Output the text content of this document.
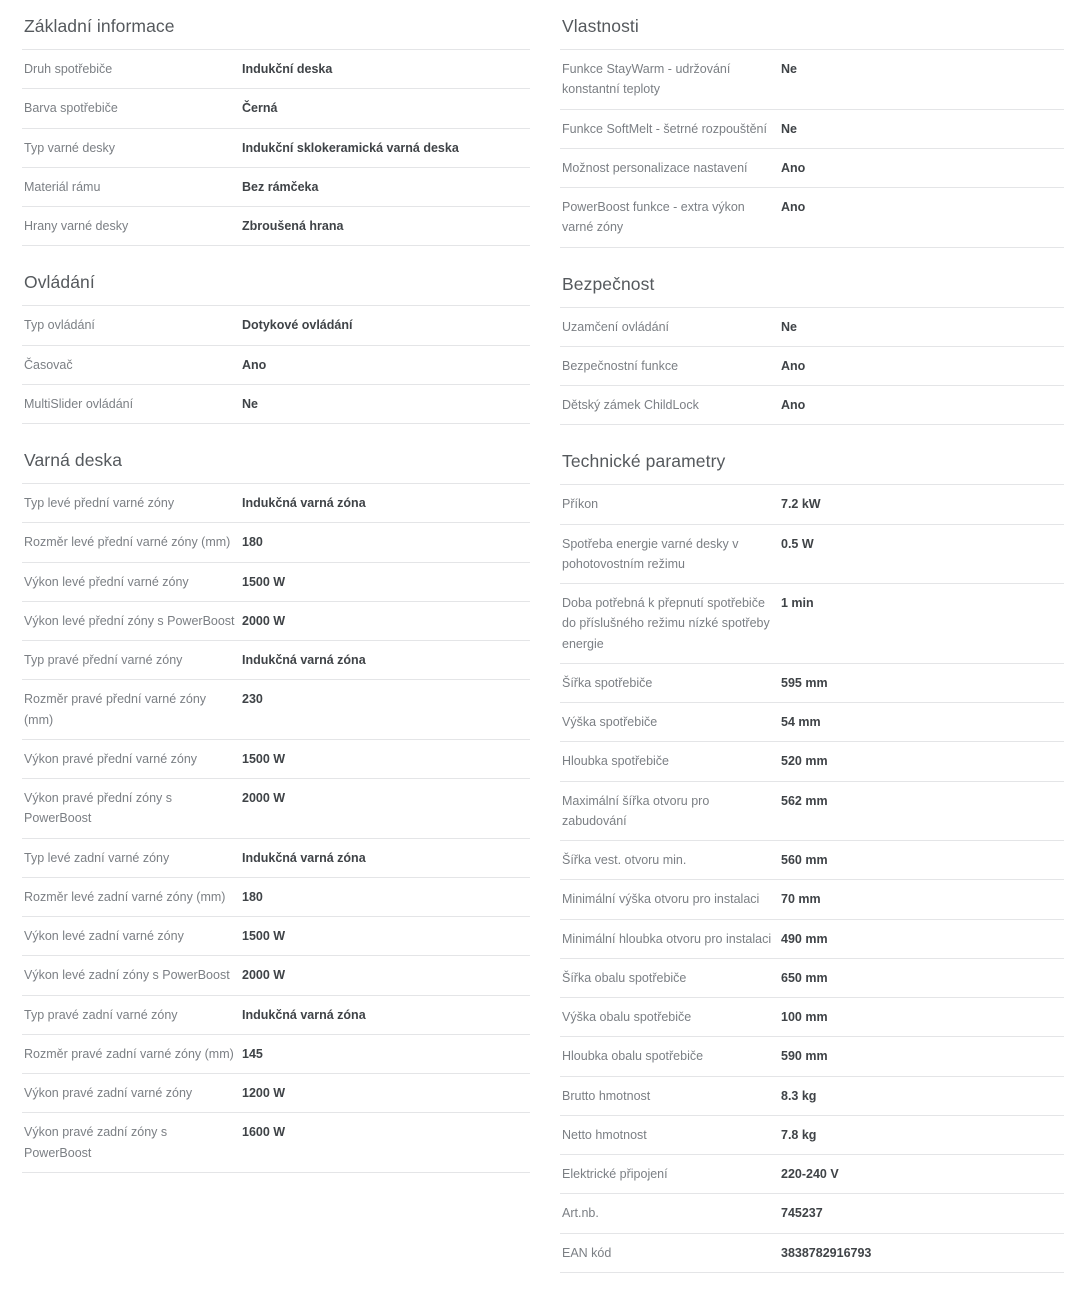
Základní informace
Druh spotřebiče	Indukční deska
Barva spotřebiče	Černá
Typ varné desky	Indukční sklokeramická varná deska
Materiál rámu	Bez rámčeka
Hrany varné desky	Zbroušená hrana
Ovládání
Typ ovládání	Dotykové ovládání
Časovač	Ano
MultiSlider ovládání	Ne
Varná deska
Typ levé přední varné zóny	Indukčná varná zóna
Rozměr levé přední varné zóny (mm)	180
Výkon levé přední varné zóny	1500 W
Výkon levé přední zóny s PowerBoost	2000 W
Typ pravé přední varné zóny	Indukčná varná zóna
Rozměr pravé přední varné zóny (mm)	230
Výkon pravé přední varné zóny	1500 W
Výkon pravé přední zóny s PowerBoost	2000 W
Typ levé zadní varné zóny	Indukčná varná zóna
Rozměr levé zadní varné zóny (mm)	180
Výkon levé zadní varné zóny	1500 W
Výkon levé zadní zóny s PowerBoost	2000 W
Typ pravé zadní varné zóny	Indukčná varná zóna
Rozměr pravé zadní varné zóny (mm)	145
Výkon pravé zadní varné zóny	1200 W
Výkon pravé zadní zóny s PowerBoost	1600 W
Vlastnosti
Funkce StayWarm - udržování konstantní teploty	Ne
Funkce SoftMelt - šetrné rozpouštění	Ne
Možnost personalizace nastavení	Ano
PowerBoost funkce - extra výkon varné zóny	Ano
Bezpečnost
Uzamčení ovládání	Ne
Bezpečnostní funkce	Ano
Dětský zámek ChildLock	Ano
Technické parametry
Příkon	7.2 kW
Spotřeba energie varné desky v pohotovostním režimu	0.5 W
Doba potřebná k přepnutí spotřebiče do příslušného režimu nízké spotřeby energie	1 min
Šířka spotřebiče	595 mm
Výška spotřebiče	54 mm
Hloubka spotřebiče	520 mm
Maximální šířka otvoru pro zabudování	562 mm
Šířka vest. otvoru min.	560 mm
Minimální výška otvoru pro instalaci	70 mm
Minimální hloubka otvoru pro instalaci	490 mm
Šířka obalu spotřebiče	650 mm
Výška obalu spotřebiče	100 mm
Hloubka obalu spotřebiče	590 mm
Brutto hmotnost	8.3 kg
Netto hmotnost	7.8 kg
Elektrické připojení	220-240 V
Art.nb.	745237
EAN kód	3838782916793
